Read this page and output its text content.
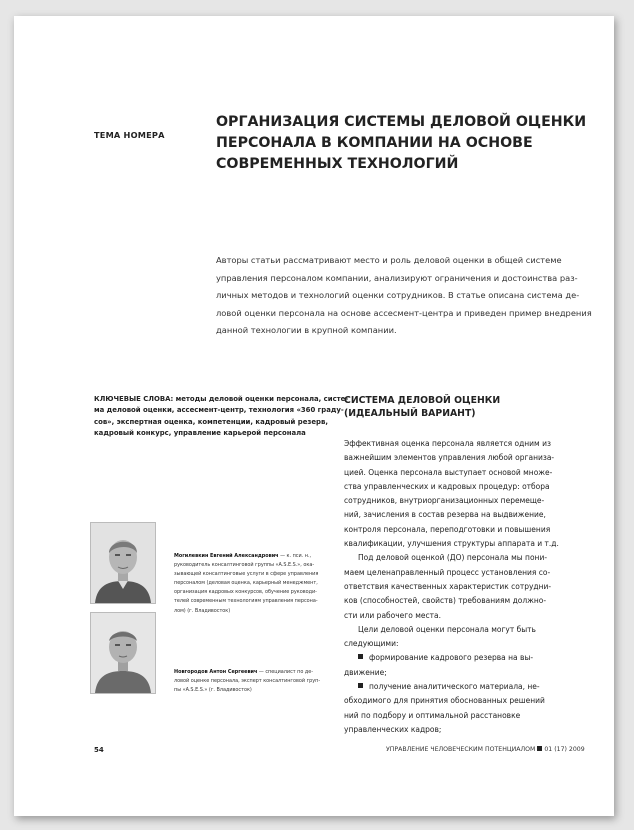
ТЕМА НОМЕРА
ОРГАНИЗАЦИЯ СИСТЕМЫ ДЕЛОВОЙ ОЦЕНКИ
ПЕРСОНАЛА В КОМПАНИИ НА ОСНОВЕ
СОВРЕМЕННЫХ ТЕХНОЛОГИЙ
Авторы статьи рассматривают место и роль деловой оценки в общей системе
управления персоналом компании, анализируют ограничения и достоинства раз-
личных методов и технологий оценки сотрудников. В статье описана система де-
ловой оценки персонала на основе ассесмент-центра и приведен пример внедрения
данной технологии в крупной компании.
КЛЮЧЕВЫЕ СЛОВА: методы деловой оценки персонала, систе-
ма деловой оценки, ассесмент-центр, технология «360 граду-
сов», экспертная оценка, компетенции, кадровый резерв,
кадровый конкурс, управление карьерой персонала
СИСТЕМА ДЕЛОВОЙ ОЦЕНКИ
(ИДЕАЛЬНЫЙ ВАРИАНТ)
Эффективная оценка персонала является одним из
важнейшим элементов управления любой организа-
цией. Оценка персонала выступает основой множе-
ства управленческих и кадровых процедур: отбора
сотрудников, внутриорганизационных перемеще-
ний, зачисления в состав резерва на выдвижение,
контроля персонала, переподготовки и повышения
квалификации, улучшения структуры аппарата и т.д.
Под деловой оценкой (ДО) персонала мы пони-
маем целенаправленный процесс установления со-
ответствия качественных характеристик сотрудни-
ков (способностей, свойств) требованиям должно-
сти или рабочего места.
Цели деловой оценки персонала могут быть
следующими:
формирование кадрового резерва на вы-
движение;
получение аналитического материала, не-
обходимого для принятия обоснованных решений
ний по подбору и оптимальной расстановке
управленческих кадров;
Могилевкин Евгений Александрович — к. пси. н.,
руководитель консалтинговой группы «A.S.E.S.», ока-
зывающей консалтинговые услуги в сфере управления
персоналом (деловая оценка, карьерный менеджмент,
организация кадровых конкурсов, обучение руководи-
телей современным технологиям управления персона-
лом) (г. Владивосток)
Новгородов Антон Сергеевич — специалист по де-
ловой оценке персонала, эксперт консалтинговой груп-
пы «A.S.E.S.» (г. Владивосток)
54	УПРАВЛЕНИЕ ЧЕЛОВЕЧЕСКИМ ПОТЕНЦИАЛОМ 01 (17) 2009
